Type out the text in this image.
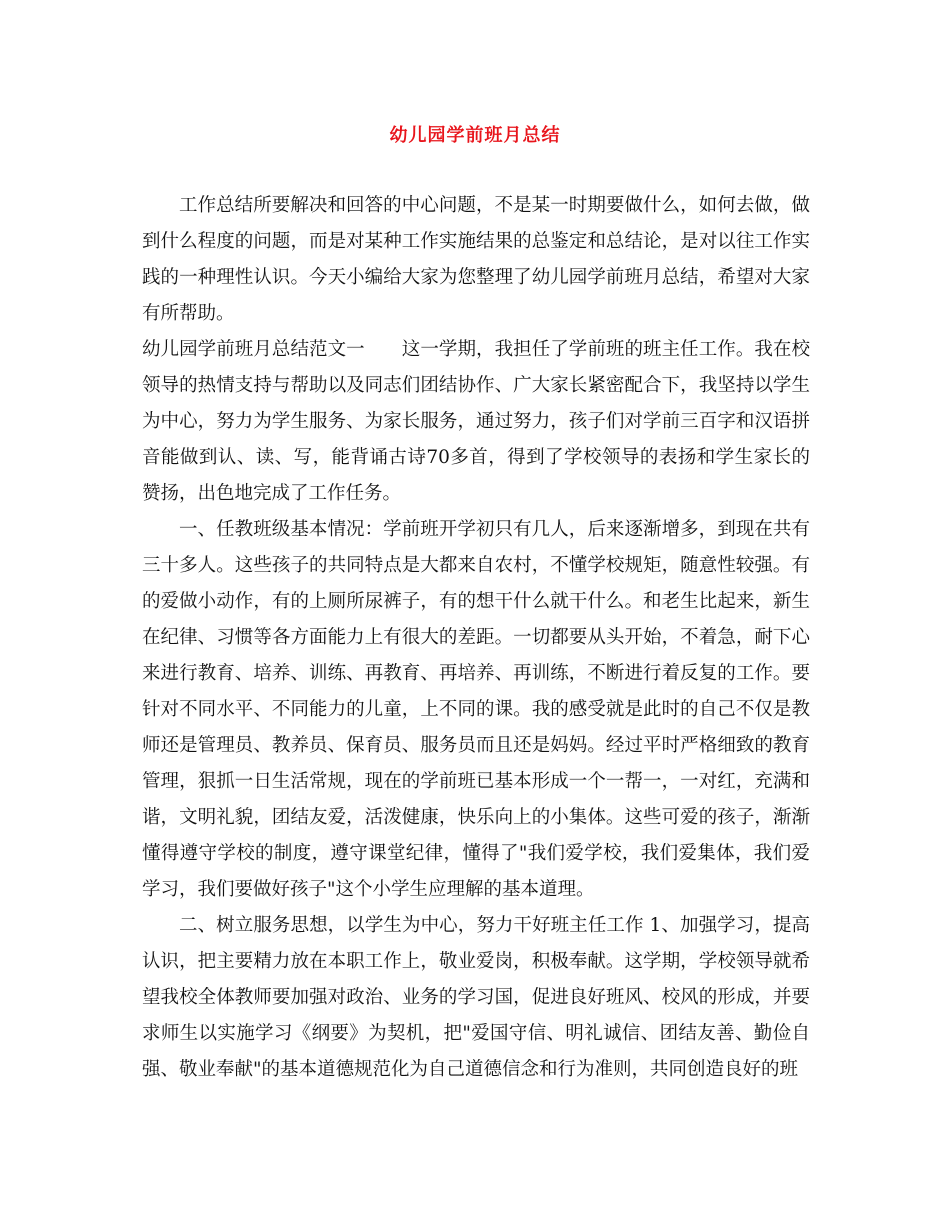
幼儿园学前班月总结

工作总结所要解决和回答的中心问题，不是某一时期要做什么，如何去做，做到什么程度的问题，而是对某种工作实施结果的总鉴定和总结论，是对以往工作实践的一种理性认识。今天小编给大家为您整理了幼儿园学前班月总结，希望对大家有所帮助。

幼儿园学前班月总结范文一　　这一学期，我担任了学前班的班主任工作。我在校领导的热情支持与帮助以及同志们团结协作、广大家长紧密配合下，我坚持以学生为中心，努力为学生服务、为家长服务，通过努力，孩子们对学前三百字和汉语拼音能做到认、读、写，能背诵古诗70多首，得到了学校领导的表扬和学生家长的赞扬，出色地完成了工作任务。

一、任教班级基本情况：学前班开学初只有几人，后来逐渐增多，到现在共有三十多人。这些孩子的共同特点是大都来自农村，不懂学校规矩，随意性较强。有的爱做小动作，有的上厕所尿裤子，有的想干什么就干什么。和老生比起来，新生在纪律、习惯等各方面能力上有很大的差距。一切都要从头开始，不着急，耐下心来进行教育、培养、训练、再教育、再培养、再训练，不断进行着反复的工作。要针对不同水平、不同能力的儿童，上不同的课。我的感受就是此时的自己不仅是教师还是管理员、教养员、保育员、服务员而且还是妈妈。经过平时严格细致的教育管理，狠抓一日生活常规，现在的学前班已基本形成一个一帮一，一对红，充满和谐，文明礼貌，团结友爱，活泼健康，快乐向上的小集体。这些可爱的孩子，渐渐懂得遵守学校的制度，遵守课堂纪律，懂得了"我们爱学校，我们爱集体，我们爱学习，我们要做好孩子"这个小学生应理解的基本道理。

二、树立服务思想，以学生为中心，努力干好班主任工作 1、加强学习，提高认识，把主要精力放在本职工作上，敬业爱岗，积极奉献。这学期，学校领导就希望我校全体教师要加强对政治、业务的学习国，促进良好班风、校风的形成，并要求师生以实施学习《纲要》为契机，把"爱国守信、明礼诚信、团结友善、勤俭自强、敬业奉献"的基本道德规范化为自己道德信念和行为准则，共同创造良好的班
